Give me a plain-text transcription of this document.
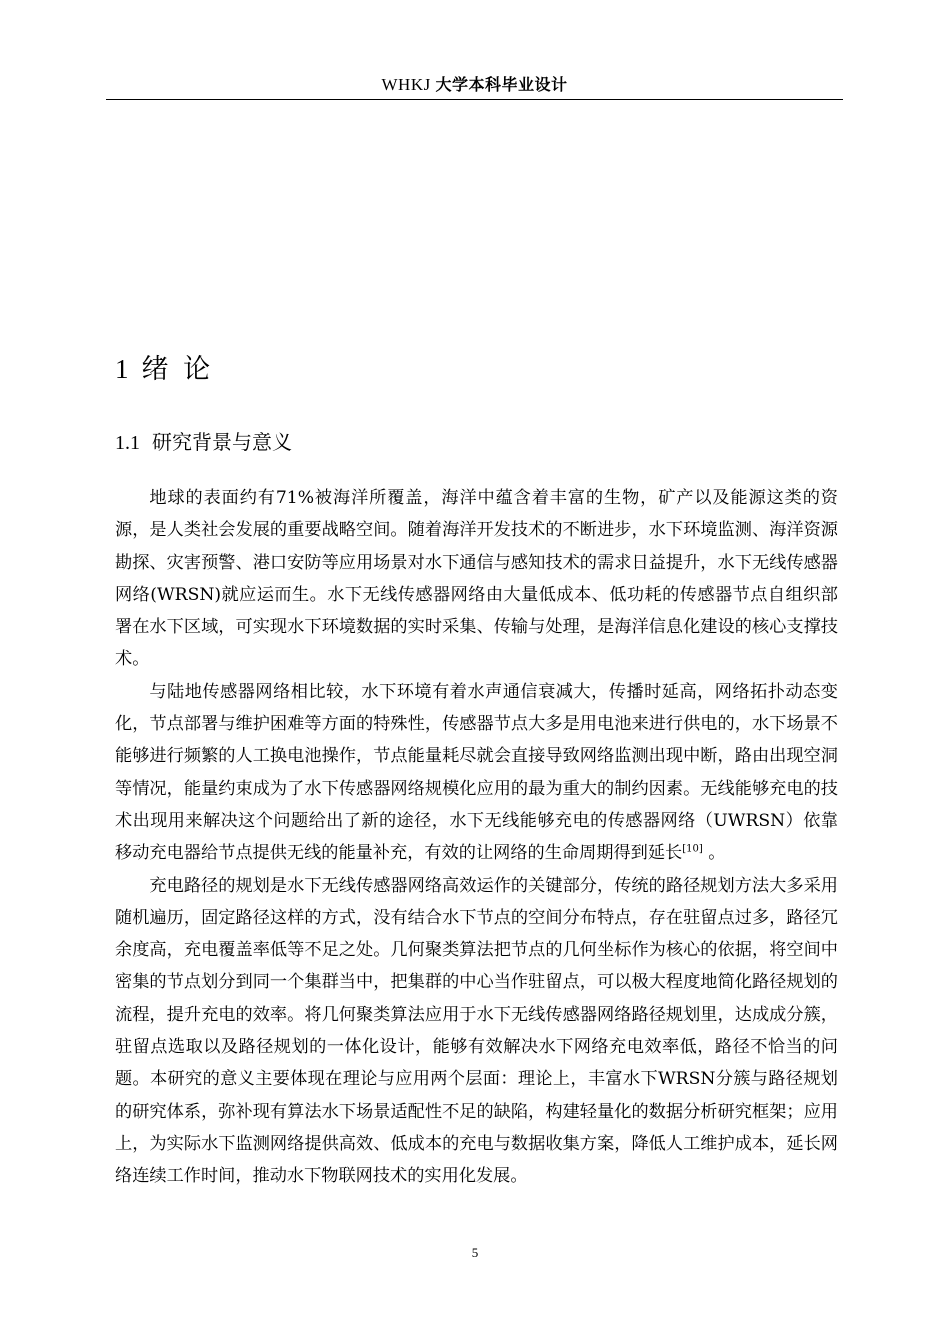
WHKJ 大学本科毕业设计
1 绪 论
1.1 研究背景与意义

地球的表面约有71%被海洋所覆盖，海洋中蕴含着丰富的生物，矿产以及能源这类的资源，是人类社会发展的重要战略空间。随着海洋开发技术的不断进步，水下环境监测、海洋资源勘探、灾害预警、港口安防等应用场景对水下通信与感知技术的需求日益提升，水下无线传感器网络(WRSN)就应运而生。水下无线传感器网络由大量低成本、低功耗的传感器节点自组织部署在水下区域，可实现水下环境数据的实时采集、传输与处理，是海洋信息化建设的核心支撑技术。

与陆地传感器网络相比较，水下环境有着水声通信衰减大，传播时延高，网络拓扑动态变化，节点部署与维护困难等方面的特殊性，传感器节点大多是用电池来进行供电的，水下场景不能够进行频繁的人工换电池操作，节点能量耗尽就会直接导致网络监测出现中断，路由出现空洞等情况，能量约束成为了水下传感器网络规模化应用的最为重大的制约因素。无线能够充电的技术出现用来解决这个问题给出了新的途径，水下无线能够充电的传感器网络（UWRSN）依靠移动充电器给节点提供无线的能量补充，有效的让网络的生命周期得到延长[10] 。

充电路径的规划是水下无线传感器网络高效运作的关键部分，传统的路径规划方法大多采用随机遍历，固定路径这样的方式，没有结合水下节点的空间分布特点，存在驻留点过多，路径冗余度高，充电覆盖率低等不足之处。几何聚类算法把节点的几何坐标作为核心的依据，将空间中密集的节点划分到同一个集群当中，把集群的中心当作驻留点，可以极大程度地简化路径规划的流程，提升充电的效率。将几何聚类算法应用于水下无线传感器网络路径规划里，达成成分簇，驻留点选取以及路径规划的一体化设计，能够有效解决水下网络充电效率低，路径不恰当的问题。本研究的意义主要体现在理论与应用两个层面：理论上，丰富水下WRSN分簇与路径规划的研究体系，弥补现有算法水下场景适配性不足的缺陷，构建轻量化的数据分析研究框架；应用上，为实际水下监测网络提供高效、低成本的充电与数据收集方案，降低人工维护成本，延长网络连续工作时间，推动水下物联网技术的实用化发展。

5
